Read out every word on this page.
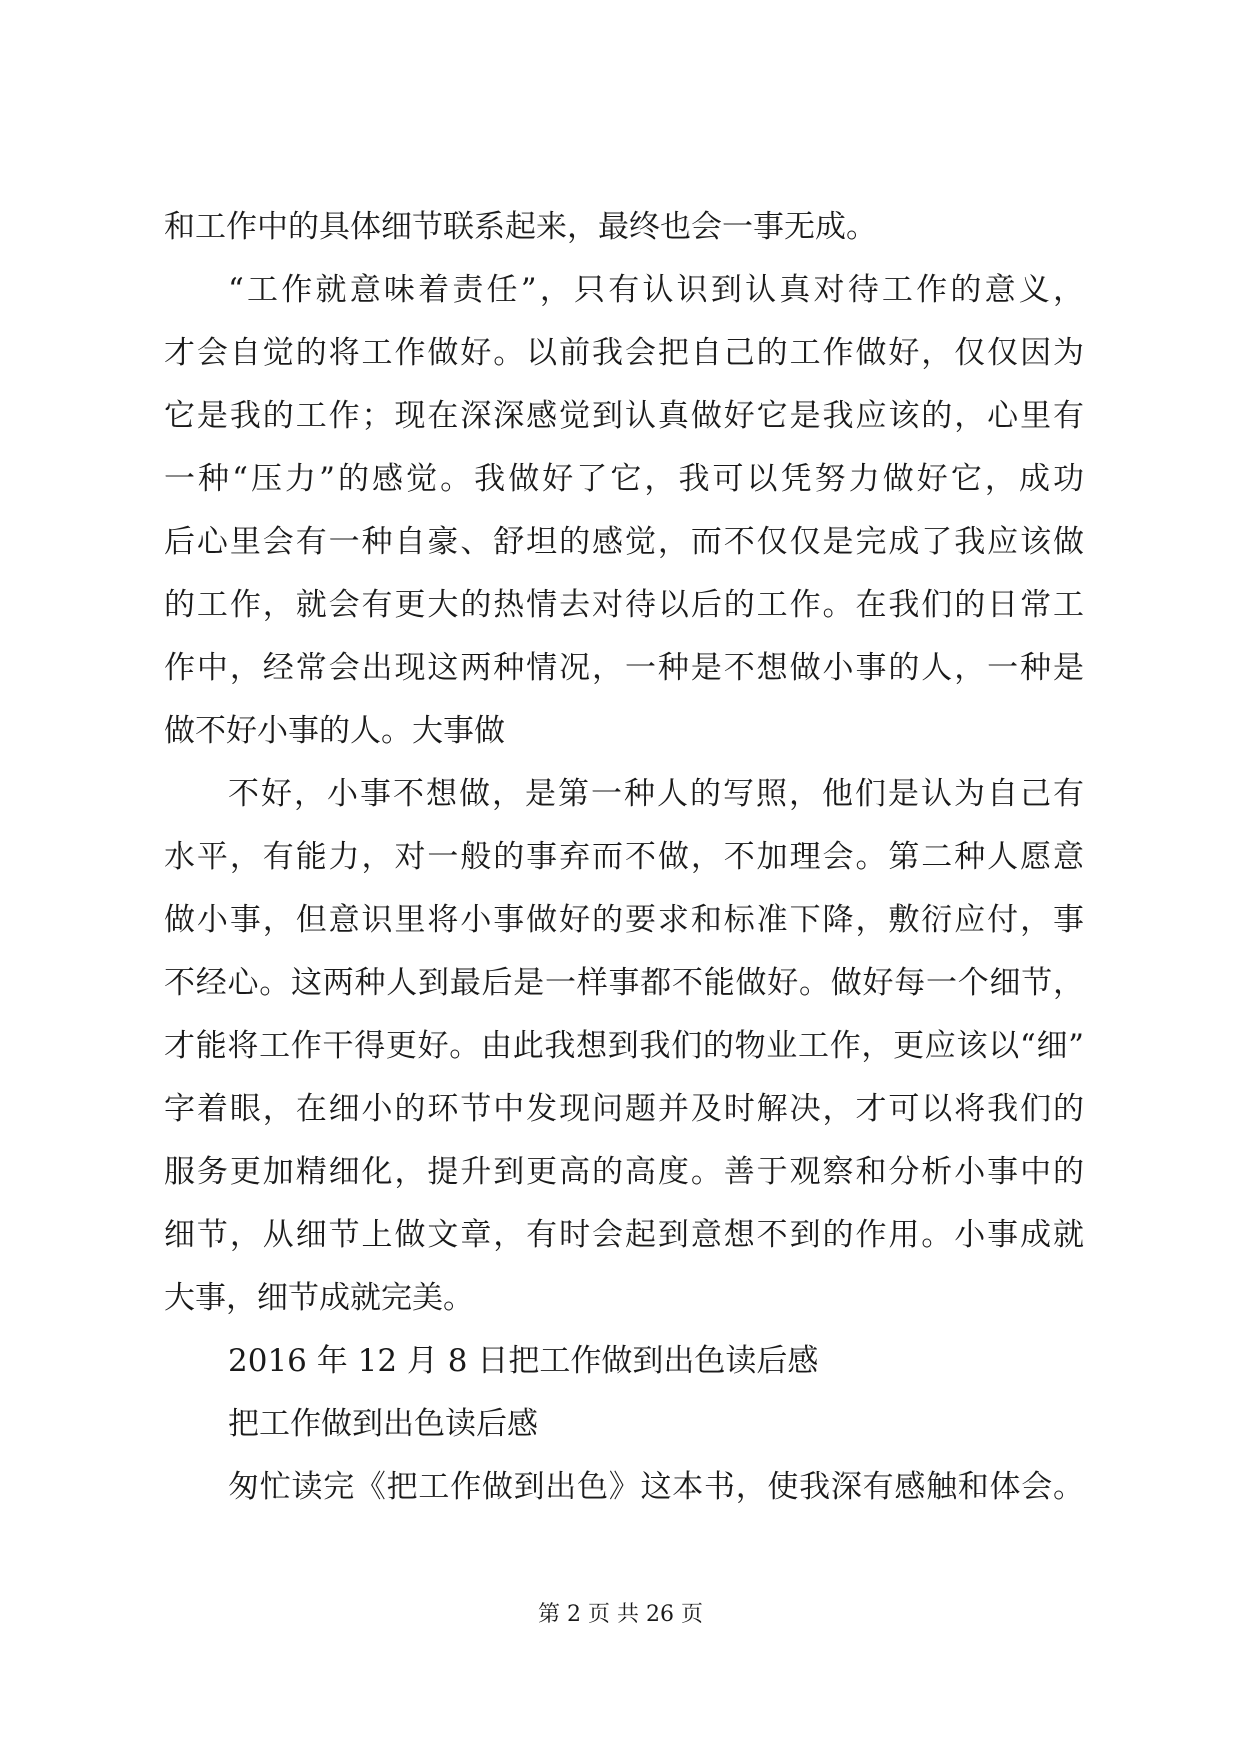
和工作中的具体细节联系起来，最终也会一事无成。
“工作就意味着责任”，只有认识到认真对待工作的意义，
才会自觉的将工作做好。以前我会把自己的工作做好，仅仅因为
它是我的工作；现在深深感觉到认真做好它是我应该的，心里有
一种“压力”的感觉。我做好了它，我可以凭努力做好它，成功
后心里会有一种自豪、舒坦的感觉，而不仅仅是完成了我应该做
的工作，就会有更大的热情去对待以后的工作。在我们的日常工
作中，经常会出现这两种情况，一种是不想做小事的人，一种是
做不好小事的人。大事做
不好，小事不想做，是第一种人的写照，他们是认为自己有
水平，有能力，对一般的事弃而不做，不加理会。第二种人愿意
做小事，但意识里将小事做好的要求和标准下降，敷衍应付，事
不经心。这两种人到最后是一样事都不能做好。做好每一个细节，
才能将工作干得更好。由此我想到我们的物业工作，更应该以“细”
字着眼，在细小的环节中发现问题并及时解决，才可以将我们的
服务更加精细化，提升到更高的高度。善于观察和分析小事中的
细节，从细节上做文章，有时会起到意想不到的作用。小事成就
大事，细节成就完美。
2016 年 12 月 8 日把工作做到出色读后感
把工作做到出色读后感
匆忙读完《把工作做到出色》这本书，使我深有感触和体会。
第 2 页 共 26 页
